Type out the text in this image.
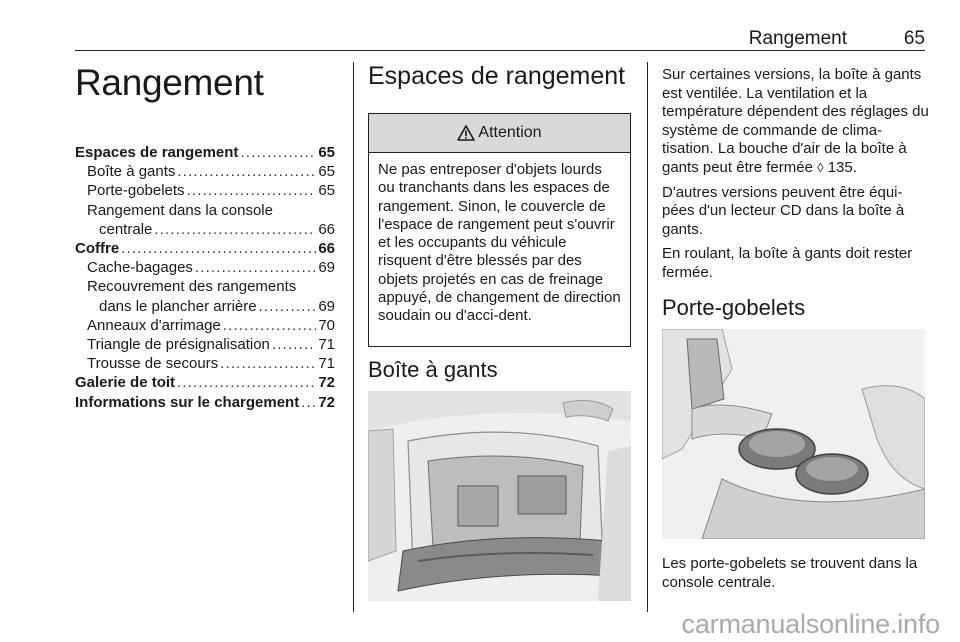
Rangement	65
Rangement
Espaces de rangement . . .	65
Boîte à gants . . .	65
Porte-gobelets . . .	65
Rangement dans la console
centrale . . .	66
Coffre . . .	66
Cache-bagages . . .	69
Recouvrement des rangements
dans le plancher arrière . . .	69
Anneaux d'arrimage . . .	70
Triangle de présignalisation . . .	71
Trousse de secours . . .	71
Galerie de toit . . .	72
Informations sur le chargement . . . 72
Espaces de rangement
Attention
Ne pas entreposer d'objets lourds ou tranchants dans les espaces de rangement. Sinon, le couvercle de l'espace de rangement peut s'ouvrir et les occupants du véhicule risquent d'être blessés par des objets projetés en cas de freinage appuyé, de changement de direction soudain ou d'acci-dent.
Boîte à gants

Sur certaines versions, la boîte à gants est ventilée. La ventilation et la température dépendent des réglages du système de commande de clima-tisation. La bouche d'air de la boîte à gants peut être fermée ◊ 135.

D'autres versions peuvent être équi-pées d'un lecteur CD dans la boîte à gants.

En roulant, la boîte à gants doit rester fermée.

Porte-gobelets

Les porte-gobelets se trouvent dans la console centrale.

carmanualsonline.info
